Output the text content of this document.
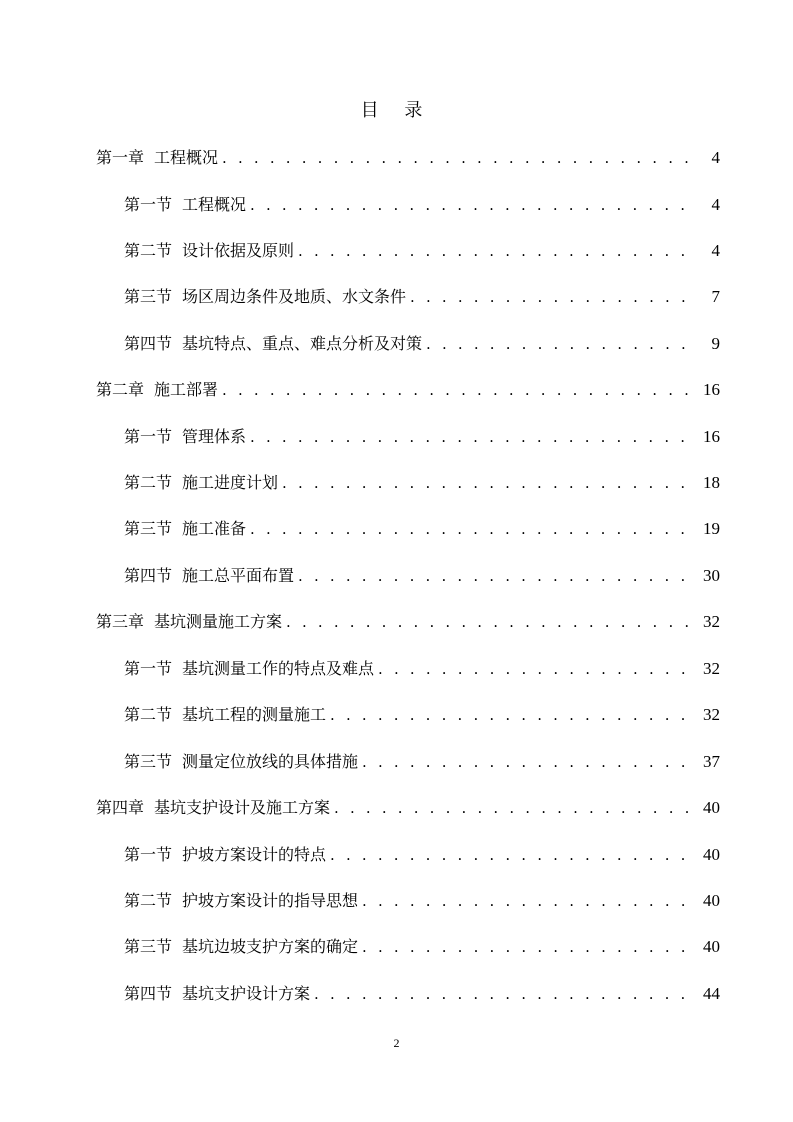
目 录
第一章 工程概况 . . .	4
第一节 工程概况 . . .	4
第二节 设计依据及原则 . . .	4
第三节 场区周边条件及地质、水文条件 . . .	7
第四节 基坑特点、重点、难点分析及对策 . . .	9
第二章 施工部署 . . .	16
第一节 管理体系 . . .	16
第二节 施工进度计划 . . .	18
第三节 施工准备 . . .	19
第四节 施工总平面布置 . . .	30
第三章 基坑测量施工方案 . . .	32
第一节 基坑测量工作的特点及难点 . . .	32
第二节 基坑工程的测量施工 . . .	32
第三节 测量定位放线的具体措施 . . .	37
第四章 基坑支护设计及施工方案 . . .	40
第一节 护坡方案设计的特点 . . .	40
第二节 护坡方案设计的指导思想 . . .	40
第三节 基坑边坡支护方案的确定 . . .	40
第四节 基坑支护设计方案 . . .	44
2
